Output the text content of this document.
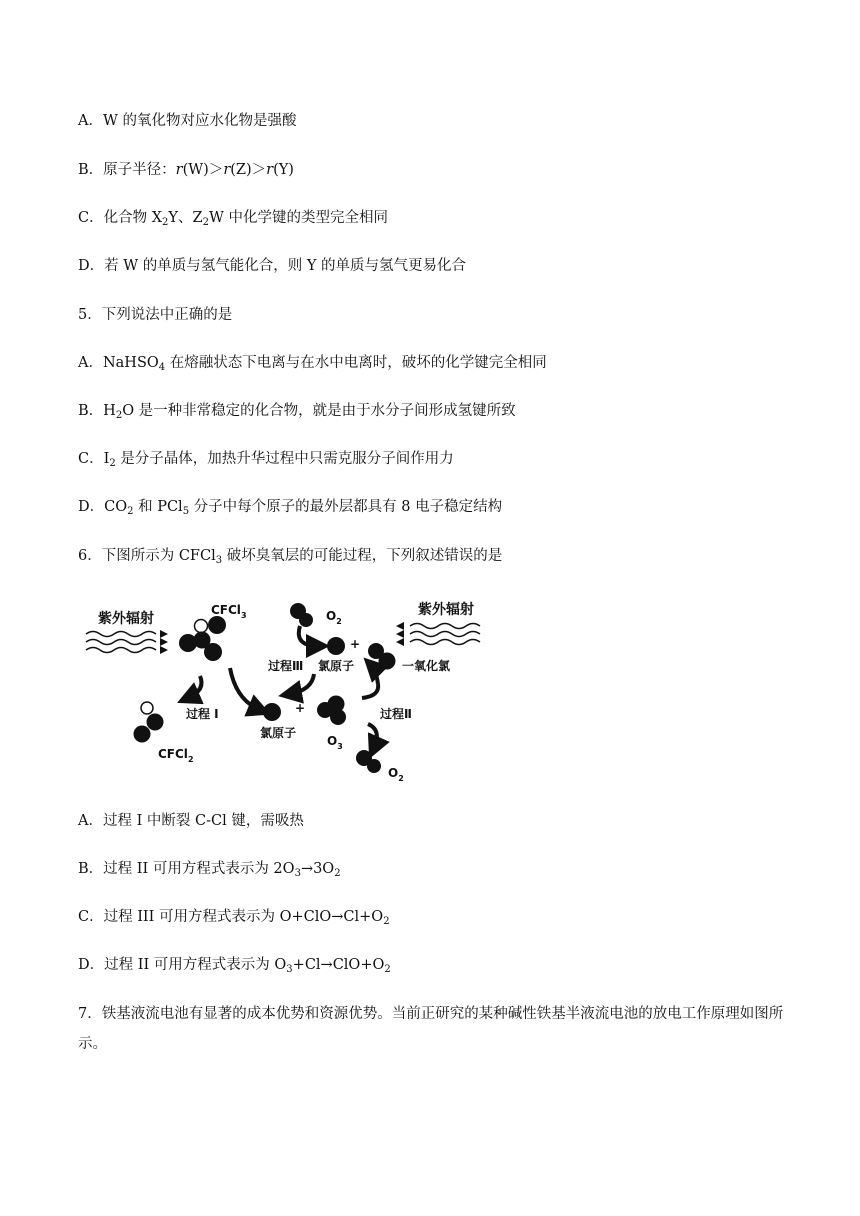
A．W 的氧化物对应水化物是强酸
B．原子半径：r(W)＞r(Z)＞r(Y)
C．化合物 $X_2Y$、$Z_2W$ 中化学键的类型完全相同
D．若 W 的单质与氢气能化合，则 Y 的单质与氢气更易化合
5．下列说法中正确的是
A．NaHSO$_4$ 在熔融状态下电离与在水中电离时，破坏的化学键完全相同
B．$H_2O$ 是一种非常稳定的化合物，就是由于水分子间形成氢键所致
C．$I_2$ 是分子晶体，加热升华过程中只需克服分子间作用力
D．$CO_2$ 和 PCl$_5$ 分子中每个原子的最外层都具有 8 电子稳定结构
6．下图所示为 CFCl$_3$ 破坏臭氧层的可能过程，下列叙述错误的是
紫外辐射
CFCl$_3$	$O_2$
+
过程Ⅲ 氯原子
紫外辐射
一氧化氯
过程 I
CFCl$_2$
+
氯原子
$O_3$
过程Ⅱ
$O_2$
A．过程 I 中断裂 C-Cl 键，需吸热
B．过程 II 可用方程式表示为 $2O_3\to 3O_2$
C．过程 III 可用方程式表示为 $O+ClO\to Cl+O_2$
D．过程 II 可用方程式表示为 $O_3+Cl\to ClO+O_2$
7．铁基液流电池有显著的成本优势和资源优势。当前正研究的某种碱性铁基半液流电池的放电工作原理如图所示。
